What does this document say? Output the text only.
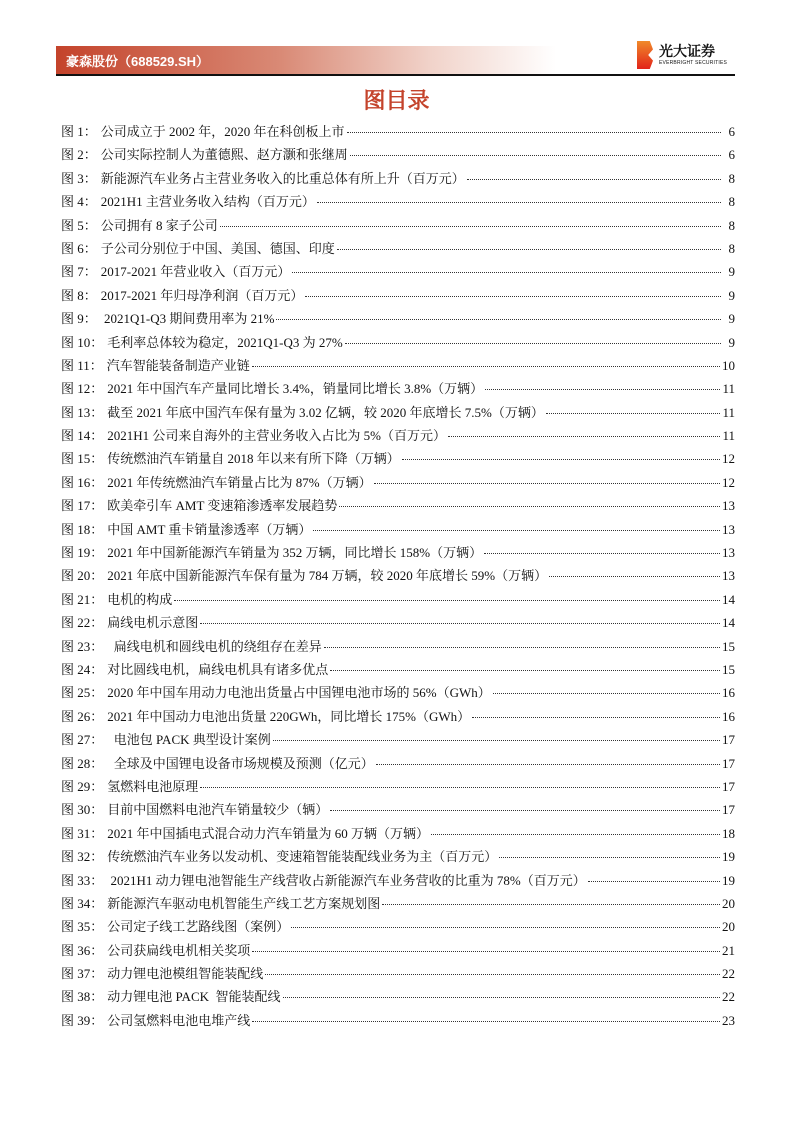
豪森股份（688529.SH）
光大证券
EVERBRIGHT SECURITIES
图目录
图 1： 公司成立于 2002 年，2020 年在科创板上市	6
图 2： 公司实际控制人为董德熙、赵方灏和张继周	6
图 3： 新能源汽车业务占主营业务收入的比重总体有所上升（百万元）	8
图 4： 2021H1 主营业务收入结构（百万元）	8
图 5： 公司拥有 8 家子公司	8
图 6： 子公司分别位于中国、美国、德国、印度	8
图 7： 2017-2021 年营业收入（百万元）	9
图 8： 2017-2021 年归母净利润（百万元）	9
图 9： 2021Q1-Q3 期间费用率为 21%	9
图 10： 毛利率总体较为稳定，2021Q1-Q3 为 27%	9
图 11： 汽车智能装备制造产业链	10
图 12： 2021 年中国汽车产量同比增长 3.4%，销量同比增长 3.8%（万辆）	11
图 13： 截至 2021 年底中国汽车保有量为 3.02 亿辆，较 2020 年底增长 7.5%（万辆）	11
图 14： 2021H1 公司来自海外的主营业务收入占比为 5%（百万元）	11
图 15： 传统燃油汽车销量自 2018 年以来有所下降（万辆）	12
图 16： 2021 年传统燃油汽车销量占比为 87%（万辆）	12
图 17： 欧美牵引车 AMT 变速箱渗透率发展趋势	13
图 18： 中国 AMT 重卡销量渗透率（万辆）	13
图 19： 2021 年中国新能源汽车销量为 352 万辆，同比增长 158%（万辆）	13
图 20： 2021 年底中国新能源汽车保有量为 784 万辆，较 2020 年底增长 59%（万辆）	13
图 21： 电机的构成	14
图 22： 扁线电机示意图	14
图 23： 扁线电机和圆线电机的绕组存在差异	15
图 24： 对比圆线电机，扁线电机具有诸多优点	15
图 25： 2020 年中国车用动力电池出货量占中国锂电池市场的 56%（GWh）	16
图 26： 2021 年中国动力电池出货量 220GWh，同比增长 175%（GWh）	16
图 27： 电池包 PACK 典型设计案例	17
图 28： 全球及中国锂电设备市场规模及预测（亿元）	17
图 29： 氢燃料电池原理	17
图 30： 目前中国燃料电池汽车销量较少（辆）	17
图 31： 2021 年中国插电式混合动力汽车销量为 60 万辆（万辆）	18
图 32： 传统燃油汽车业务以发动机、变速箱智能装配线业务为主（百万元）	19
图 33： 2021H1 动力锂电池智能生产线营收占新能源汽车业务营收的比重为 78%（百万元）	19
图 34： 新能源汽车驱动电机智能生产线工艺方案规划图	20
图 35： 公司定子线工艺路线图（案例）	20
图 36： 公司获扁线电机相关奖项	21
图 37： 动力锂电池模组智能装配线	22
图 38： 动力锂电池 PACK  智能装配线	22
图 39： 公司氢燃料电池电堆产线	23
